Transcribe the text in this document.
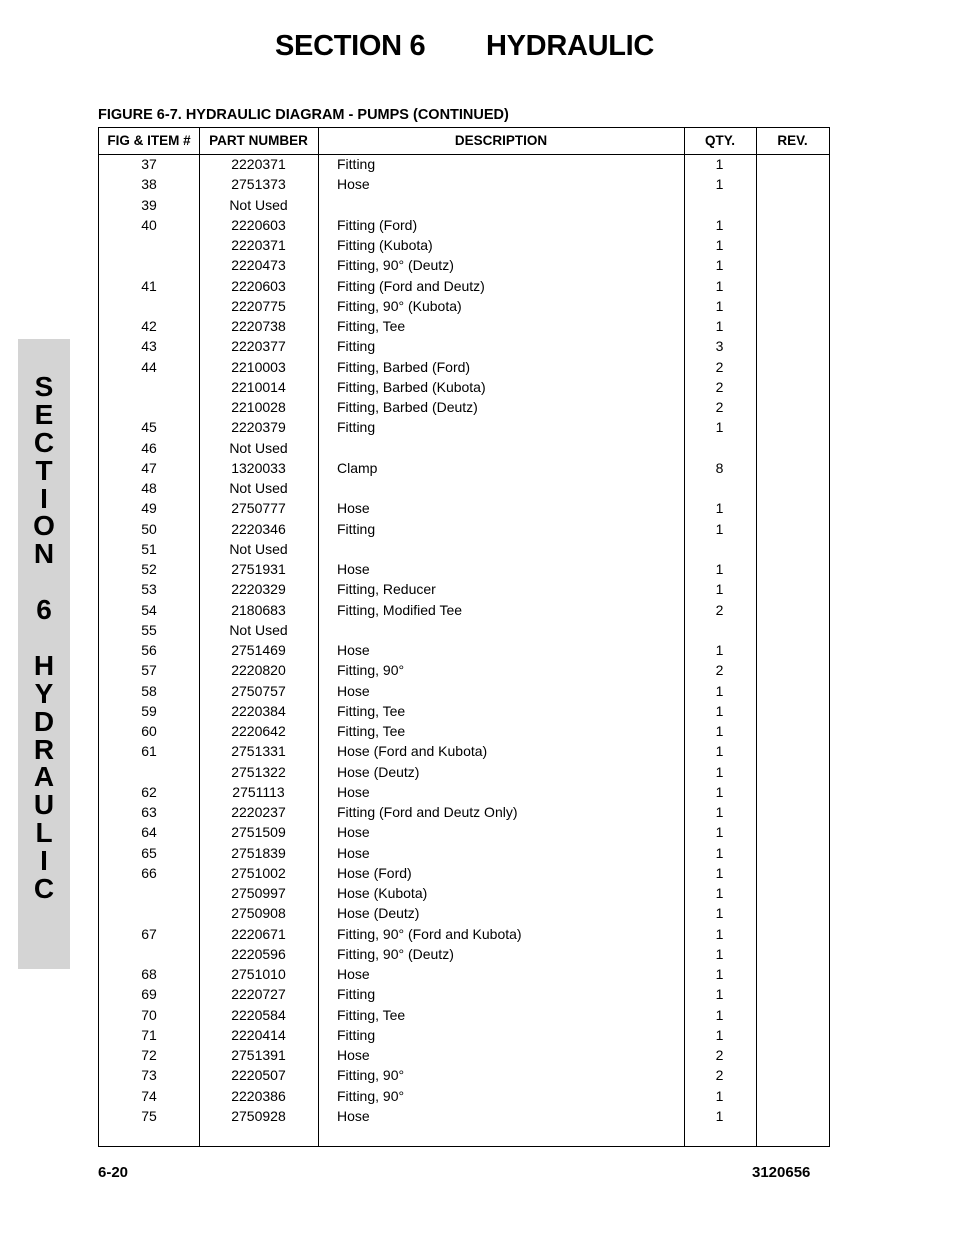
SECTION 6 HYDRAULIC
S
E
C
T
I
O
N
6
H
Y
D
R
A
U
L
I
C
FIGURE 6-7. HYDRAULIC DIAGRAM - PUMPS (CONTINUED)
FIG & ITEM #	PART NUMBER	DESCRIPTION	QTY.	REV.
37	2220371	Fitting	1
38	2751373	Hose	1
39	Not Used
40	2220603	Fitting (Ford)	1
2220371	Fitting (Kubota)	1
2220473	Fitting, 90° (Deutz)	1
41	2220603	Fitting (Ford and Deutz)	1
2220775	Fitting, 90° (Kubota)	1
42	2220738	Fitting, Tee	1
43	2220377	Fitting	3
44	2210003	Fitting, Barbed (Ford)	2
2210014	Fitting, Barbed (Kubota)	2
2210028	Fitting, Barbed (Deutz)	2
45	2220379	Fitting	1
46	Not Used
47	1320033	Clamp	8
48	Not Used
49	2750777	Hose	1
50	2220346	Fitting	1
51	Not Used
52	2751931	Hose	1
53	2220329	Fitting, Reducer	1
54	2180683	Fitting, Modified Tee	2
55	Not Used
56	2751469	Hose	1
57	2220820	Fitting, 90°	2
58	2750757	Hose	1
59	2220384	Fitting, Tee	1
60	2220642	Fitting, Tee	1
61	2751331	Hose (Ford and Kubota)	1
2751322	Hose (Deutz)	1
62	2751113	Hose	1
63	2220237	Fitting (Ford and Deutz Only)	1
64	2751509	Hose	1
65	2751839	Hose	1
66	2751002	Hose (Ford)	1
2750997	Hose (Kubota)	1
2750908	Hose (Deutz)	1
67	2220671	Fitting, 90° (Ford and Kubota)	1
2220596	Fitting, 90° (Deutz)	1
68	2751010	Hose	1
69	2220727	Fitting	1
70	2220584	Fitting, Tee	1
71	2220414	Fitting	1
72	2751391	Hose	2
73	2220507	Fitting, 90°	2
74	2220386	Fitting, 90°	1
75	2750928	Hose	1
6-20	3120656
